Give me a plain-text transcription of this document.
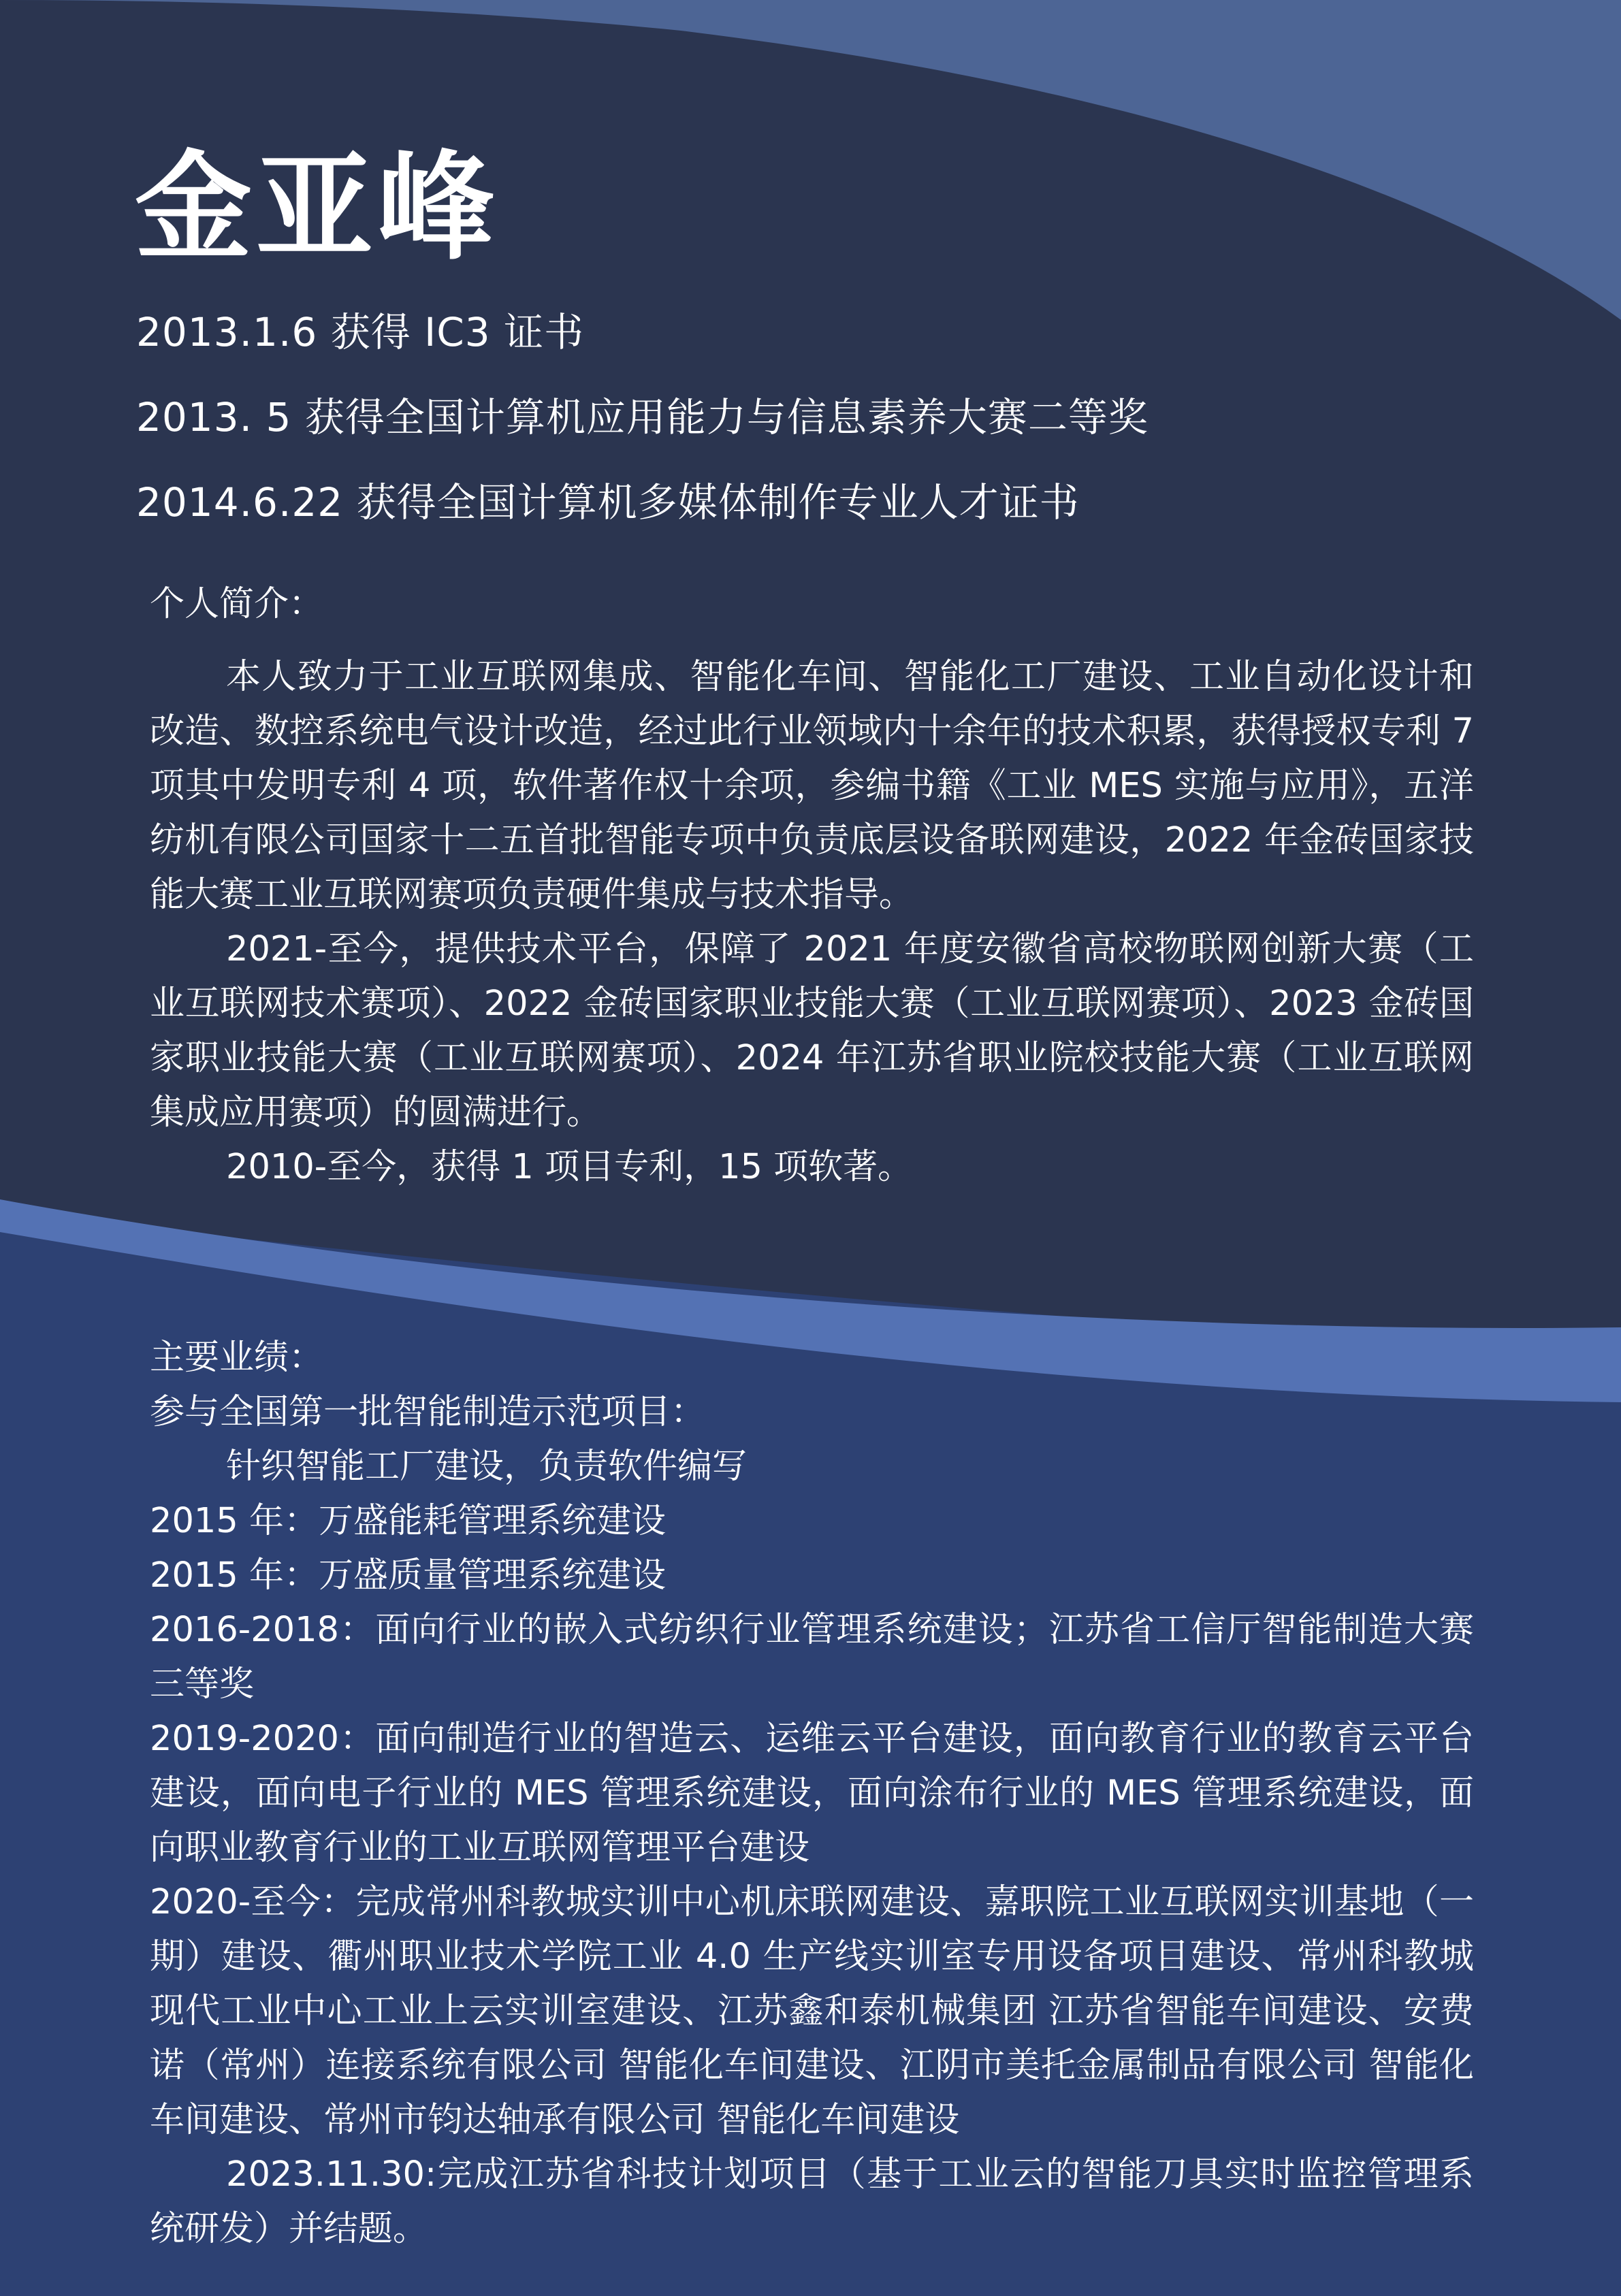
金亚峰

2013.1.6 获得 IC3 证书

2013. 5 获得全国计算机应用能力与信息素养大赛二等奖

2014.6.22 获得全国计算机多媒体制作专业人才证书

个人简介：

本人致力于工业互联网集成、智能化车间、智能化工厂建设、工业自动化设计和改造、数控系统电气设计改造，经过此行业领域内十余年的技术积累，获得授权专利 7 项其中发明专利 4 项，软件著作权十余项，参编书籍《工业 MES 实施与应用》，五洋纺机有限公司国家十二五首批智能专项中负责底层设备联网建设，2022 年金砖国家技能大赛工业互联网赛项负责硬件集成与技术指导。

2021-至今，提供技术平台，保障了 2021 年度安徽省高校物联网创新大赛（工业互联网技术赛项）、2022 金砖国家职业技能大赛（工业互联网赛项）、2023 金砖国家职业技能大赛（工业互联网赛项）、2024 年江苏省职业院校技能大赛（工业互联网集成应用赛项）的圆满进行。

2010-至今，获得 1 项目专利，15 项软著。

主要业绩：

参与全国第一批智能制造示范项目：

针织智能工厂建设，负责软件编写

2015 年：万盛能耗管理系统建设

2015 年：万盛质量管理系统建设

2016-2018：面向行业的嵌入式纺织行业管理系统建设；江苏省工信厅智能制造大赛三等奖

2019-2020：面向制造行业的智造云、运维云平台建设，面向教育行业的教育云平台建设，面向电子行业的 MES 管理系统建设，面向涂布行业的 MES 管理系统建设，面向职业教育行业的工业互联网管理平台建设

2020-至今：完成常州科教城实训中心机床联网建设、嘉职院工业互联网实训基地（一期）建设、衢州职业技术学院工业 4.0 生产线实训室专用设备项目建设、常州科教城现代工业中心工业上云实训室建设、江苏鑫和泰机械集团 江苏省智能车间建设、安费诺（常州）连接系统有限公司 智能化车间建设、江阴市美托金属制品有限公司 智能化车间建设、常州市钧达轴承有限公司 智能化车间建设

2023.11.30:完成江苏省科技计划项目（基于工业云的智能刀具实时监控管理系统研发）并结题。
